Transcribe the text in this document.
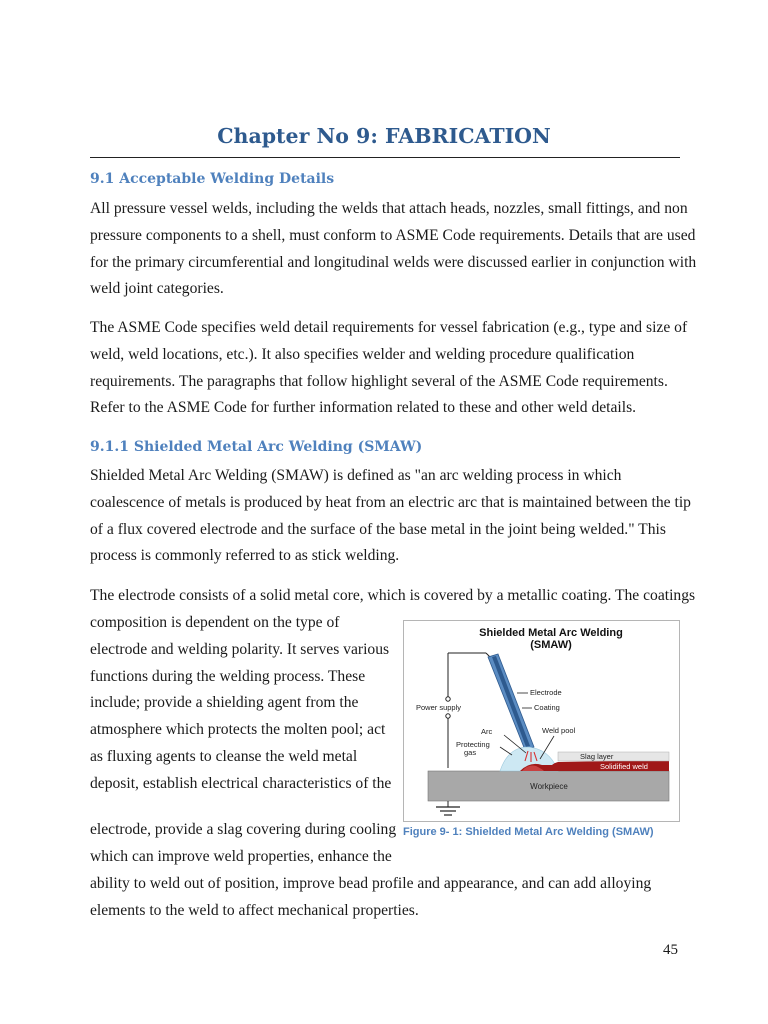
Chapter No 9: FABRICATION
9.1 Acceptable Welding Details
All pressure vessel welds, including the welds that attach heads, nozzles, small fittings, and non
pressure components to a shell, must conform to ASME Code requirements. Details that are used
for the primary circumferential and longitudinal welds were discussed earlier in conjunction with
weld joint categories.
The ASME Code specifies weld detail requirements for vessel fabrication (e.g., type and size of
weld, weld locations, etc.). It also specifies welder and welding procedure qualification
requirements. The paragraphs that follow highlight several of the ASME Code requirements.
Refer to the ASME Code for further information related to these and other weld details.
9.1.1 Shielded Metal Arc Welding (SMAW)
Shielded Metal Arc Welding (SMAW) is defined as "an arc welding process in which
coalescence of metals is produced by heat from an electric arc that is maintained between the tip
of a flux covered electrode and the surface of the base metal in the joint being welded." This
process is commonly referred to as stick welding.
The electrode consists of a solid metal core, which is covered by a metallic coating. The coatings
composition is dependent on the type of
electrode and welding polarity. It serves various
functions during the welding process. These
include; provide a shielding agent from the
atmosphere which protects the molten pool; act
as fluxing agents to cleanse the weld metal
deposit, establish electrical characteristics of the
electrode, provide a slag covering during cooling
which can improve weld properties, enhance the
ability to weld out of position, improve bead profile and appearance, and can add alloying
elements to the weld to affect mechanical properties.
Shielded Metal Arc Welding
(SMAW)
Power supply
Workpiece
Electrode
Coating
Arc	Weld pool
Protecting
gas	Slag layer
Solidified weld
Figure 9- 1: Shielded Metal Arc Welding (SMAW)
45
